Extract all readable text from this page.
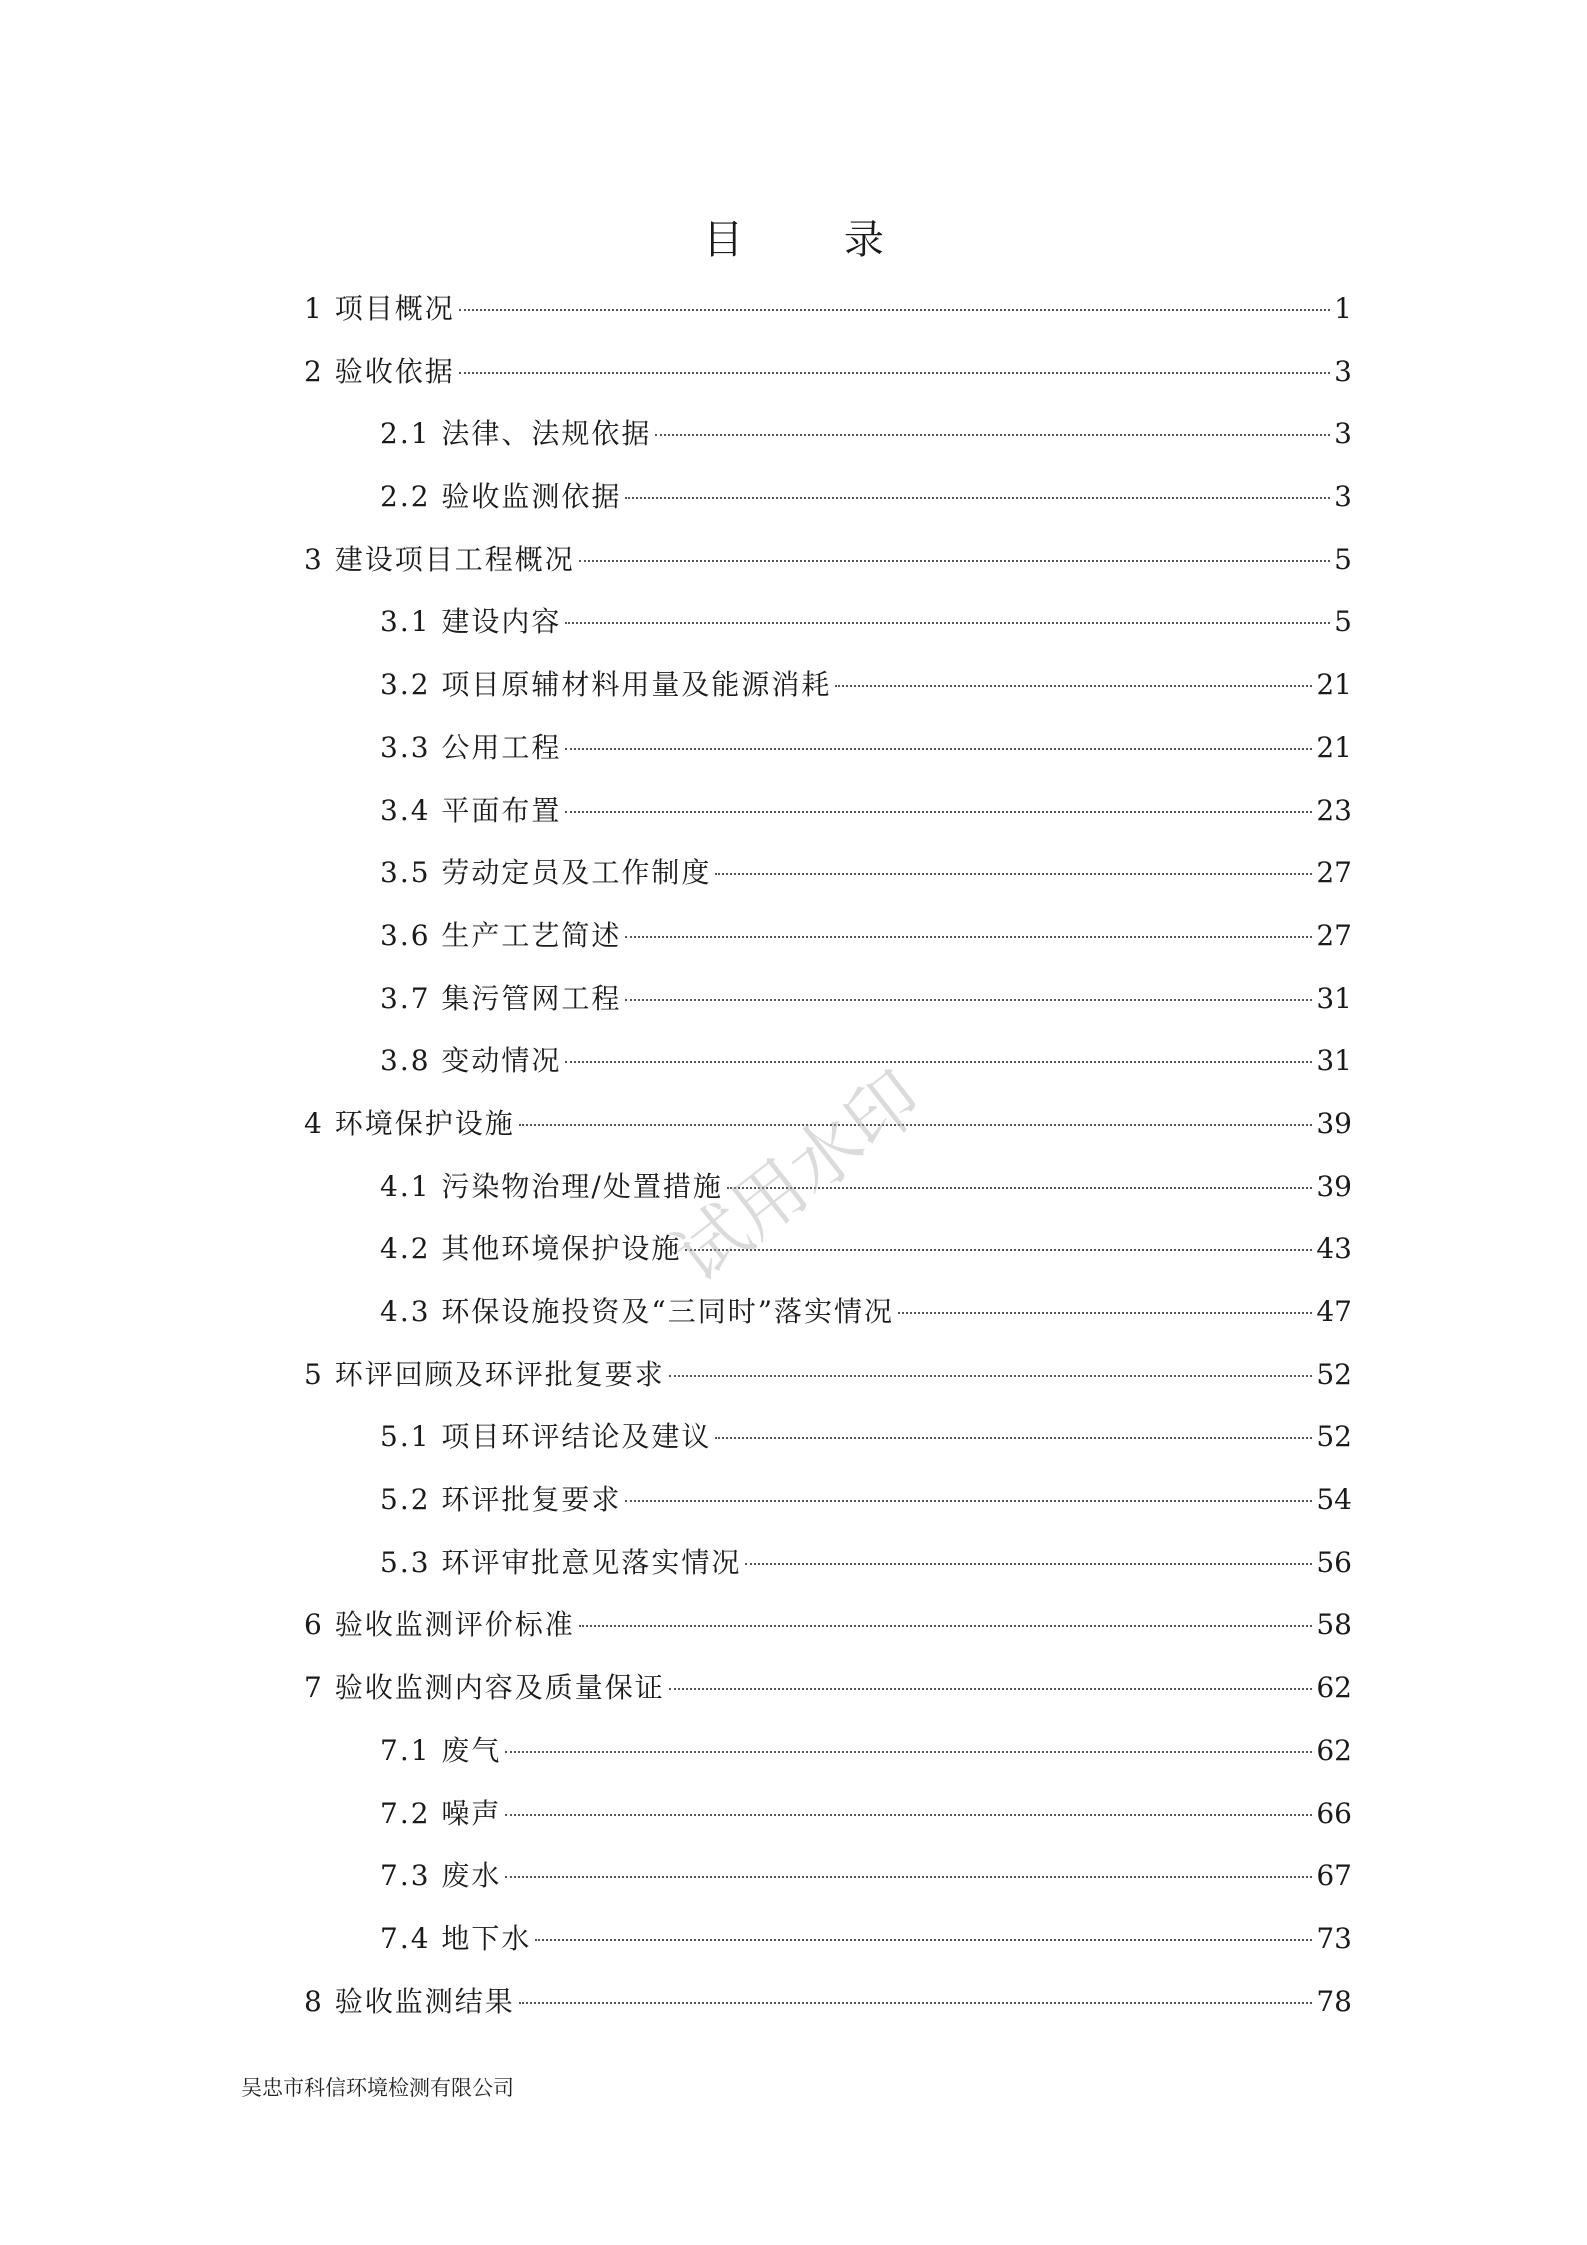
目 录
1 项目概况	1
2 验收依据	3
2.1 法律、法规依据	3
2.2 验收监测依据	3
3 建设项目工程概况	5
3.1 建设内容	5
3.2 项目原辅材料用量及能源消耗	21
3.3 公用工程	21
3.4 平面布置	23
3.5 劳动定员及工作制度	27
3.6 生产工艺简述	27
3.7 集污管网工程	31
3.8 变动情况	31
4 环境保护设施	39
4.1 污染物治理/处置措施	39
4.2 其他环境保护设施	43
4.3 环保设施投资及“三同时”落实情况	47
5 环评回顾及环评批复要求	52
5.1 项目环评结论及建议	52
5.2 环评批复要求	54
5.3 环评审批意见落实情况	56
6 验收监测评价标准	58
7 验收监测内容及质量保证	62
7.1 废气	62
7.2 噪声	66
7.3 废水	67
7.4 地下水	73
8 验收监测结果	78
试用水印
吴忠市科信环境检测有限公司
